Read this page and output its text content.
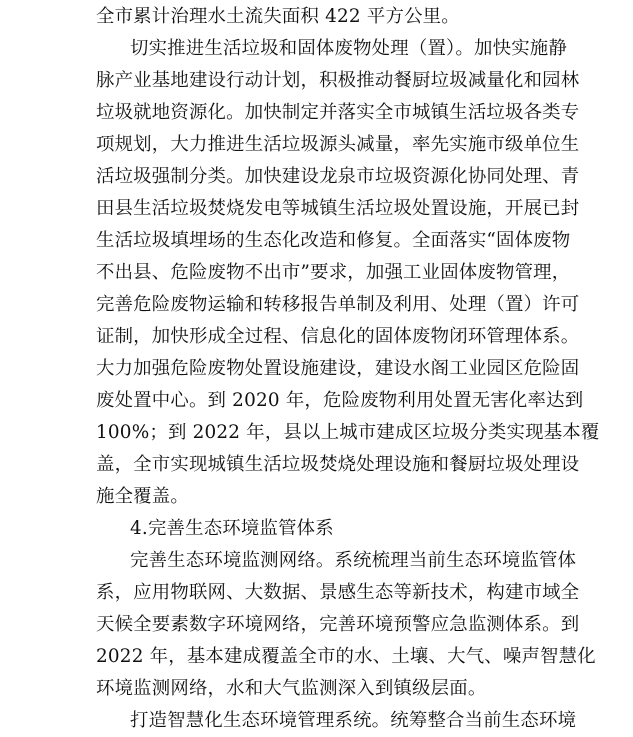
全市累计治理水土流失面积 422 平方公里。
切实推进生活垃圾和固体废物处理（置）。加快实施静
脉产业基地建设行动计划，积极推动餐厨垃圾减量化和园林
垃圾就地资源化。加快制定并落实全市城镇生活垃圾各类专
项规划，大力推进生活垃圾源头减量，率先实施市级单位生
活垃圾强制分类。加快建设龙泉市垃圾资源化协同处理、青
田县生活垃圾焚烧发电等城镇生活垃圾处置设施，开展已封
生活垃圾填埋场的生态化改造和修复。全面落实“固体废物
不出县、危险废物不出市”要求，加强工业固体废物管理，
完善危险废物运输和转移报告单制及利用、处理（置）许可
证制，加快形成全过程、信息化的固体废物闭环管理体系。
大力加强危险废物处置设施建设，建设水阁工业园区危险固
废处置中心。到 2020 年，危险废物利用处置无害化率达到
100%；到 2022 年，县以上城市建成区垃圾分类实现基本覆
盖，全市实现城镇生活垃圾焚烧处理设施和餐厨垃圾处理设
施全覆盖。
4.完善生态环境监管体系
完善生态环境监测网络。系统梳理当前生态环境监管体
系，应用物联网、大数据、景感生态等新技术，构建市域全
天候全要素数字环境网络，完善环境预警应急监测体系。到
2022 年，基本建成覆盖全市的水、土壤、大气、噪声智慧化
环境监测网络，水和大气监测深入到镇级层面。
打造智慧化生态环境管理系统。统筹整合当前生态环境
